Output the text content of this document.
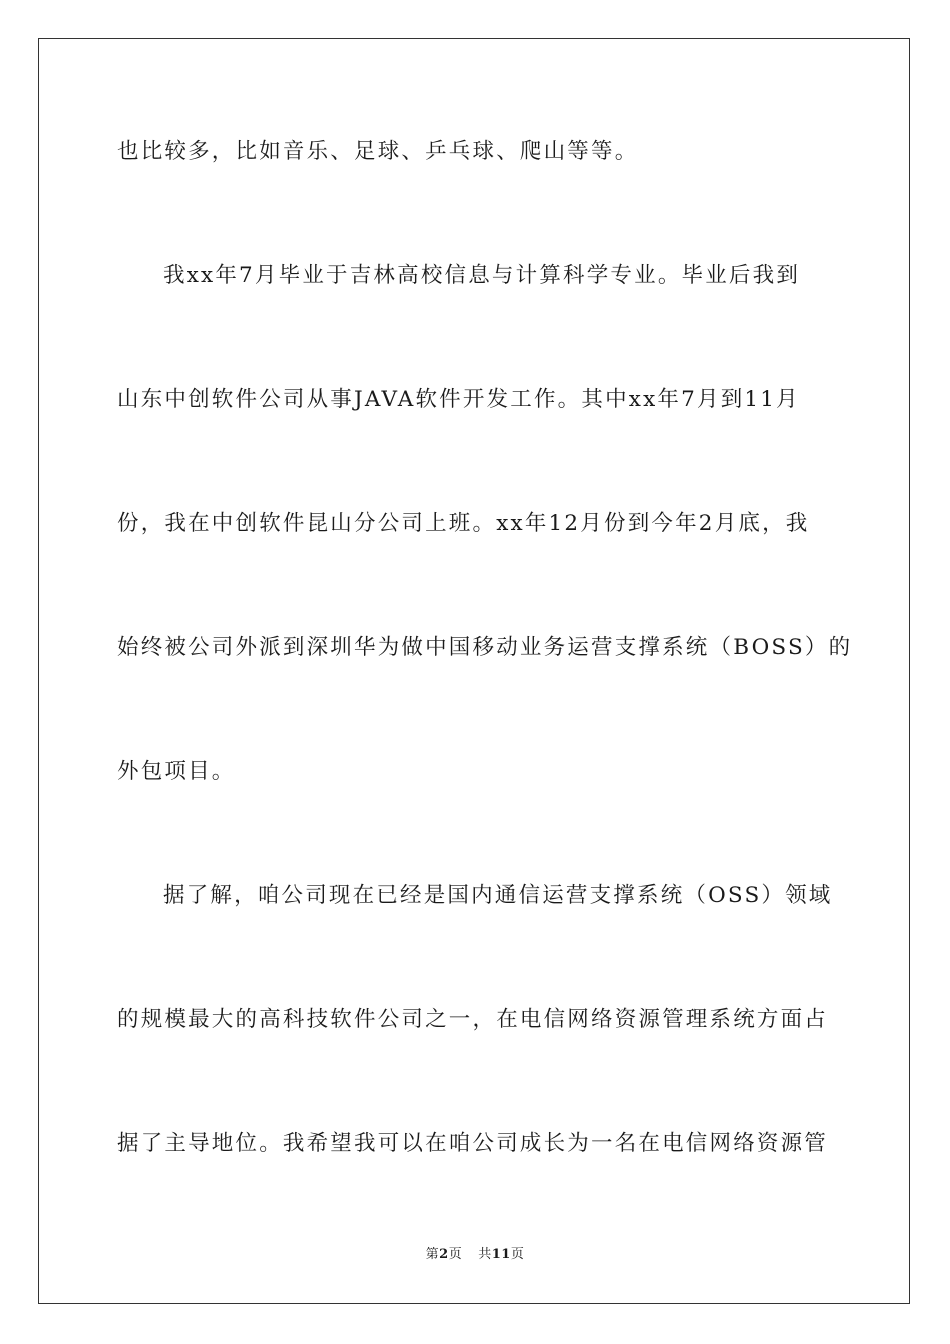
也比较多，比如音乐、足球、乒乓球、爬山等等。
我xx年7月毕业于吉林高校信息与计算科学专业。毕业后我到
山东中创软件公司从事JAVA软件开发工作。其中xx年7月到11月
份，我在中创软件昆山分公司上班。xx年12月份到今年2月底，我
始终被公司外派到深圳华为做中国移动业务运营支撑系统（BOSS）的
外包项目。
据了解，咱公司现在已经是国内通信运营支撑系统（OSS）领域
的规模最大的高科技软件公司之一，在电信网络资源管理系统方面占
据了主导地位。我希望我可以在咱公司成长为一名在电信网络资源管
第2页 共11页
